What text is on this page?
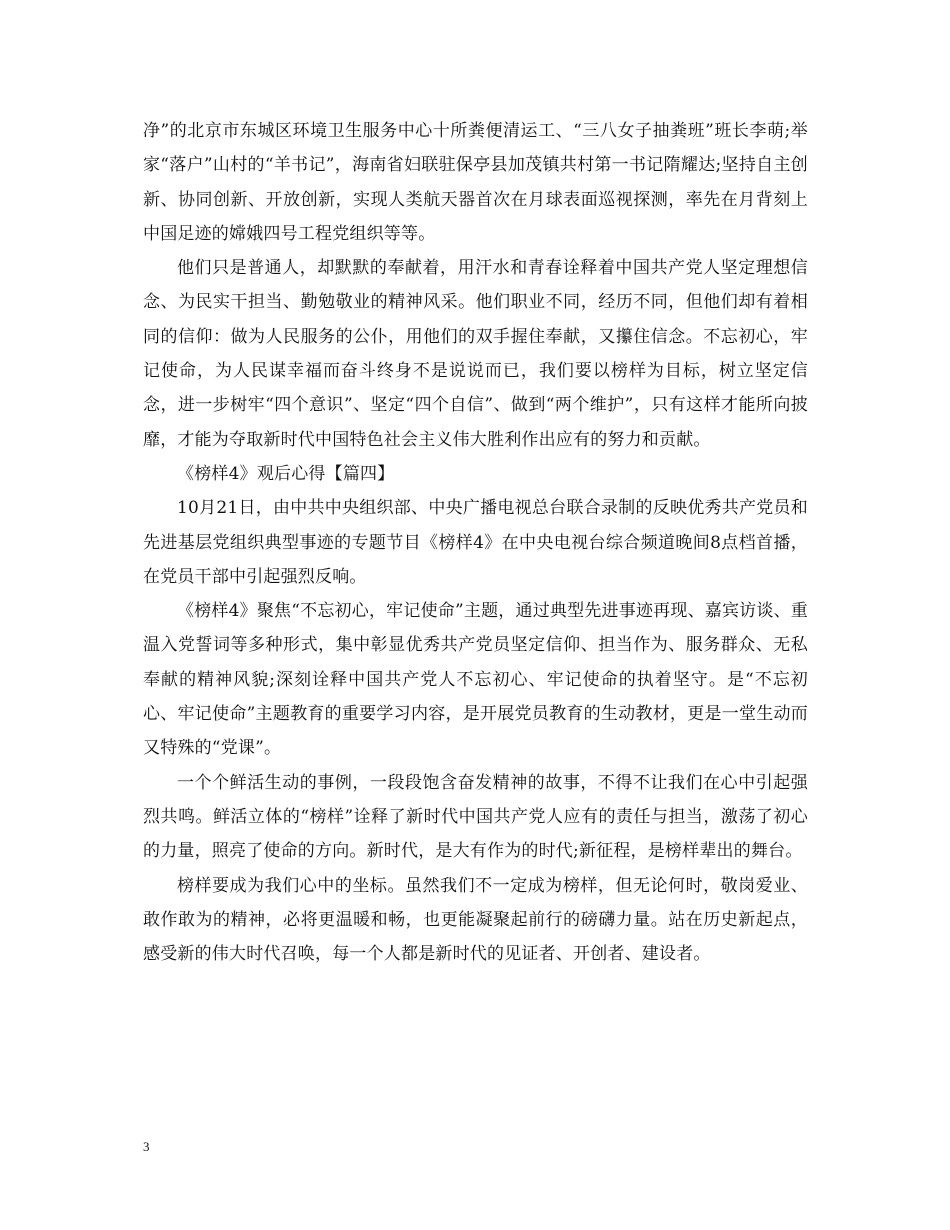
净”的北京市东城区环境卫生服务中心十所粪便清运工、“三八女子抽粪班”班长李萌;举家“落户”山村的“羊书记”，海南省妇联驻保亭县加茂镇共村第一书记隋耀达;坚持自主创新、协同创新、开放创新，实现人类航天器首次在月球表面巡视探测，率先在月背刻上中国足迹的嫦娥四号工程党组织等等。

他们只是普通人，却默默的奉献着，用汗水和青春诠释着中国共产党人坚定理想信念、为民实干担当、勤勉敬业的精神风采。他们职业不同，经历不同，但他们却有着相同的信仰：做为人民服务的公仆，用他们的双手握住奉献，又攥住信念。不忘初心，牢记使命，为人民谋幸福而奋斗终身不是说说而已，我们要以榜样为目标，树立坚定信念，进一步树牢“四个意识”、坚定“四个自信”、做到“两个维护”，只有这样才能所向披靡，才能为夺取新时代中国特色社会主义伟大胜利作出应有的努力和贡献。

《榜样4》观后心得【篇四】

10月21日，由中共中央组织部、中央广播电视总台联合录制的反映优秀共产党员和先进基层党组织典型事迹的专题节目《榜样4》在中央电视台综合频道晚间8点档首播，在党员干部中引起强烈反响。

《榜样4》聚焦“不忘初心，牢记使命”主题，通过典型先进事迹再现、嘉宾访谈、重温入党誓词等多种形式，集中彰显优秀共产党员坚定信仰、担当作为、服务群众、无私奉献的精神风貌;深刻诠释中国共产党人不忘初心、牢记使命的执着坚守。是“不忘初心、牢记使命”主题教育的重要学习内容，是开展党员教育的生动教材，更是一堂生动而又特殊的“党课”。

一个个鲜活生动的事例，一段段饱含奋发精神的故事，不得不让我们在心中引起强烈共鸣。鲜活立体的“榜样”诠释了新时代中国共产党人应有的责任与担当，激荡了初心的力量，照亮了使命的方向。新时代，是大有作为的时代;新征程，是榜样辈出的舞台。

榜样要成为我们心中的坐标。虽然我们不一定成为榜样，但无论何时，敬岗爱业、敢作敢为的精神，必将更温暖和畅，也更能凝聚起前行的磅礴力量。站在历史新起点，感受新的伟大时代召唤，每一个人都是新时代的见证者、开创者、建设者。

3
